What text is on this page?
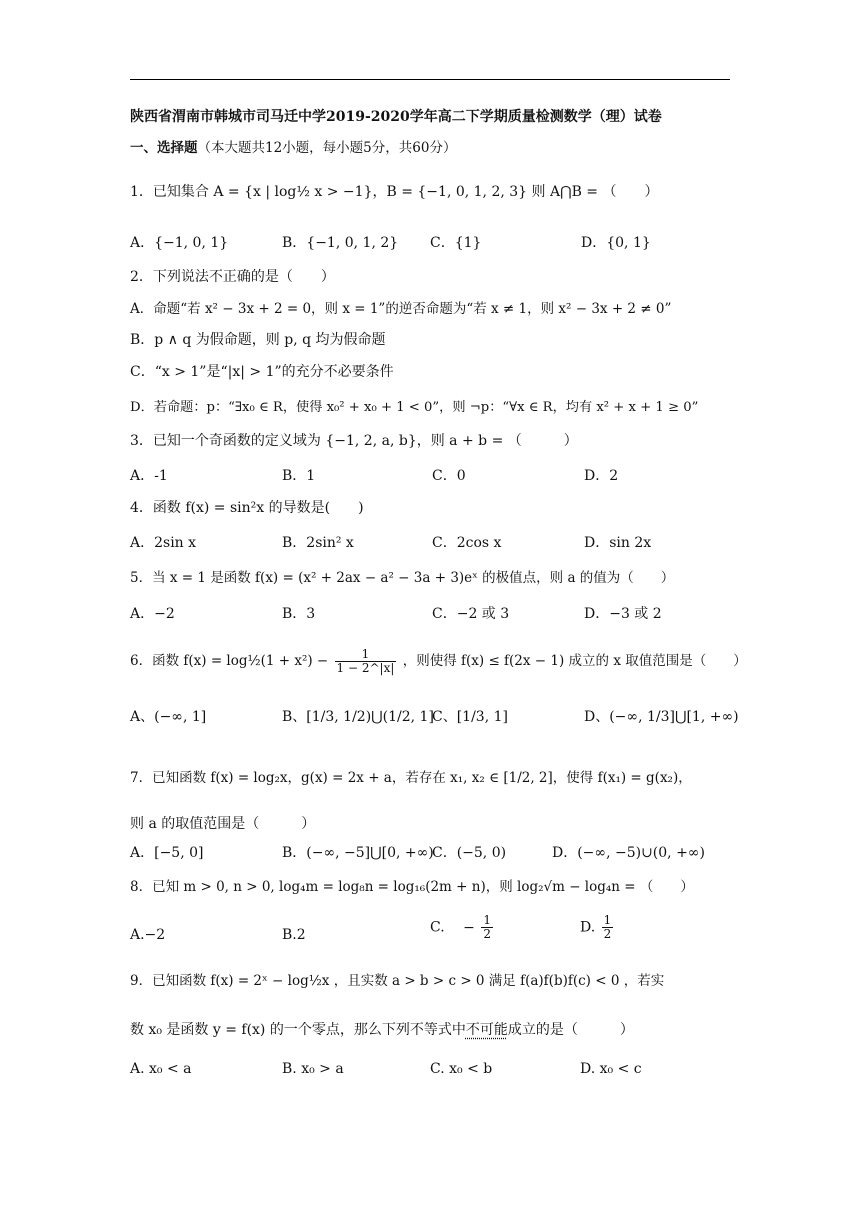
陕西省渭南市韩城市司马迁中学2019-2020学年高二下学期质量检测数学（理）试卷
一、选择题（本大题共12小题，每小题5分，共60分）
1．已知集合 A = {x | log½ x > −1}，B = {−1, 0, 1, 2, 3} 则 A⋂B = （　　）
A．{−1, 0, 1}	B．{−1, 0, 1, 2} C．{1}	D．{0, 1}
2．下列说法不正确的是（　　）
A．命题“若 x² − 3x + 2 = 0，则 x = 1”的逆否命题为“若 x ≠ 1，则 x² − 3x + 2 ≠ 0”
B．p ∧ q 为假命题，则 p, q 均为假命题
C．“x > 1”是“|x| > 1”的充分不必要条件
D．若命题：p：“∃x₀ ∈ R，使得 x₀² + x₀ + 1 < 0”，则 ¬p：“∀x ∈ R，均有 x² + x + 1 ≥ 0”
3．已知一个奇函数的定义域为 {−1, 2, a, b}，则 a + b = （　　　）
A．-1	B．1	C．0	D．2
4．函数 f(x) = sin²x 的导数是(　　)
A．2sin x	B．2sin² x	C．2cos x	D．sin 2x
5．当 x = 1 是函数 f(x) = (x² + 2ax − a² − 3a + 3)eˣ 的极值点，则 a 的值为（　　）
A．−2	B．3	C．−2 或 3	D．−3 或 2
6．函数 f(x) = log½(1 + $x^2) - \frac{1}{1 - 2\^{}|x|}$ ，则使得 f(x) ≤ f(2x − 1) 成立的 x 取值范围是（　　）
A、(−∞, 1]	B、[1/3, 1/2)⋃(1/2, 1]
C、[1/3, 1]	D、(−∞, 1/3]⋃[1, +∞)
7．已知函数 f(x) = log₂x，g(x) = 2x + a，若存在 x₁, x₂ ∈ [1/2, 2]，使得 f(x₁) = g(x₂)，
则 a 的取值范围是（　　　）
A．[−5, 0]	B．(−∞, −5]⋃[0, +∞)
C．(−5, 0)	D．(−∞, −5)∪(0, +∞)
8．已知 m > 0, n > 0, log₄m = log₈n = log₁₆(2m + n)，则 log₂√m − log₄n = （　　）
A.−2	B.2	C. − $\frac{1}{2}$	D. $\frac{1}{2}$
9．已知函数 f(x) = 2ˣ − log½x ，且实数 a > b > c > 0 满足 f(a)f(b)f(c) < 0 ，若实
数 x₀ 是函数 y = f(x) 的一个零点，那么下列不等式中不可能成立的是（　　　）
A. x₀ < a	B. x₀ > a	C. x₀ < b	D. x₀ < c
